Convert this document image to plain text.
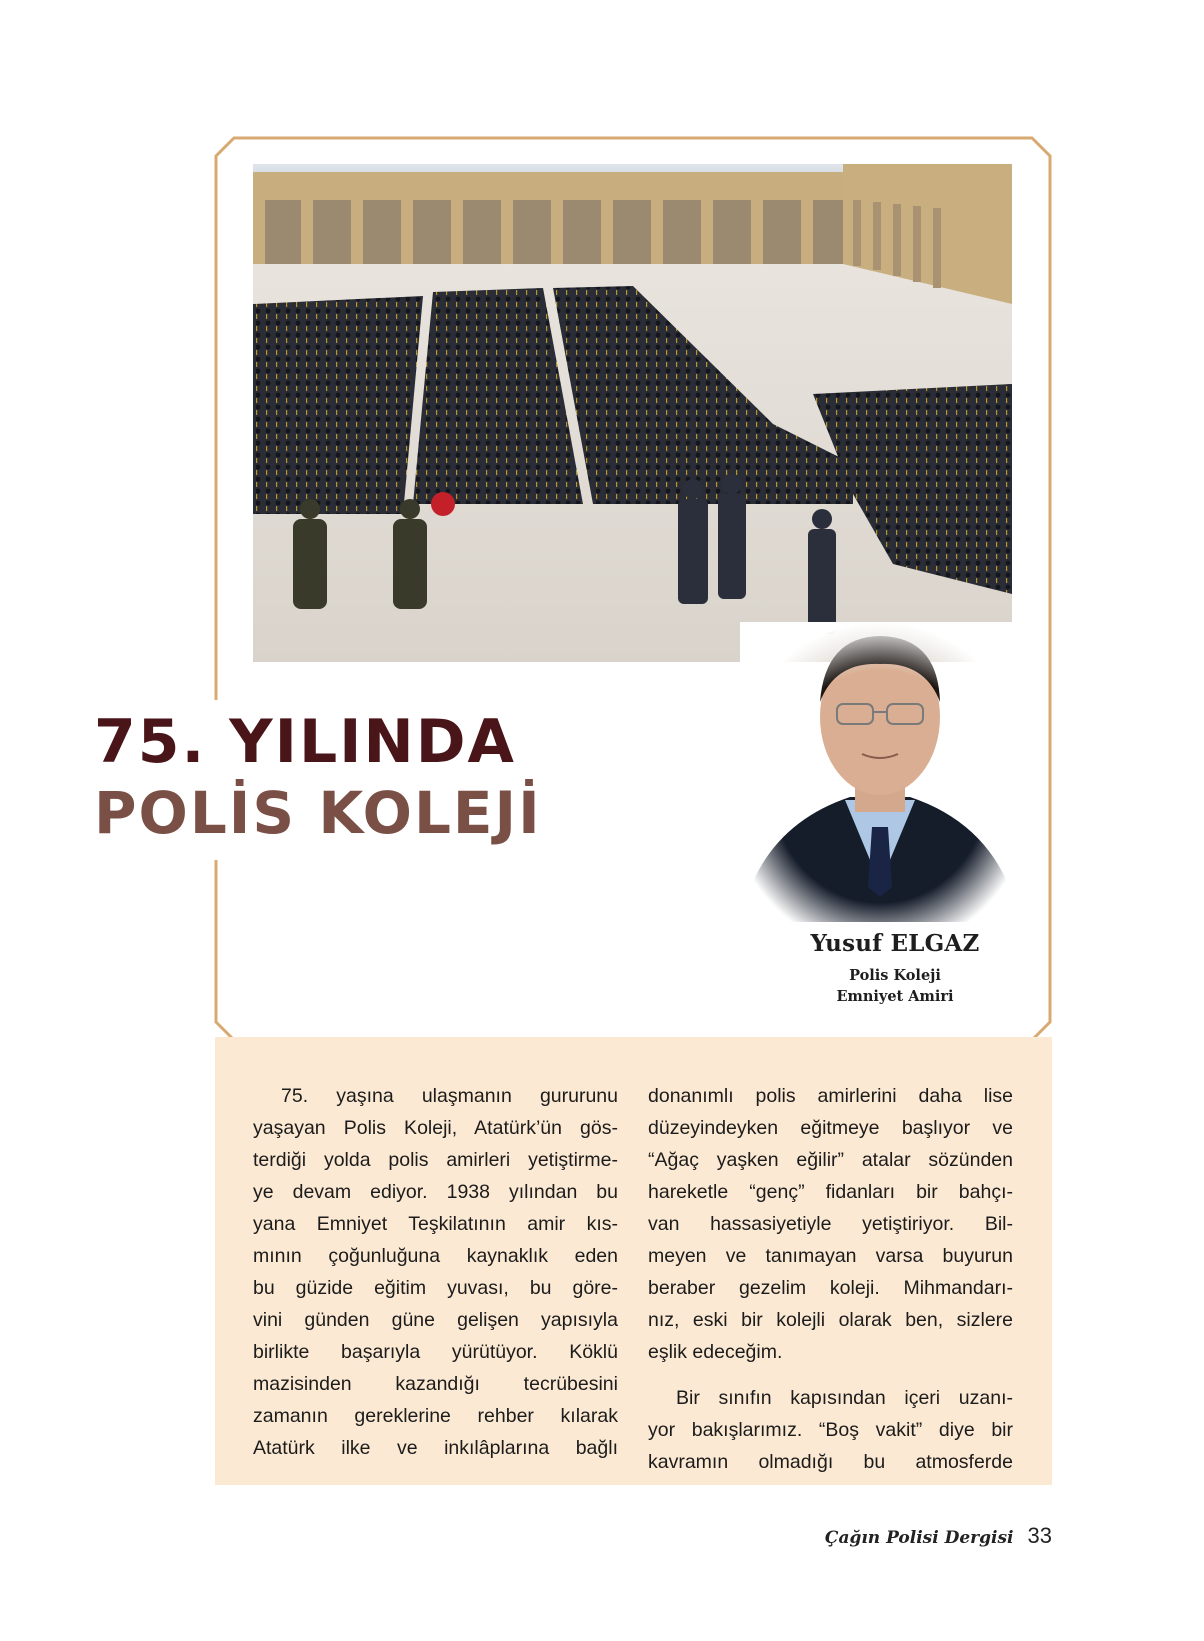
75. YILINDA
POLİS KOLEJİ
Yusuf ELGAZ
Polis Koleji
Emniyet Amiri

75. yaşına ulaşmanın gururunu
yaşayan Polis Koleji, Atatürk’ün gös-
terdiği yolda polis amirleri yetiştirme-
ye devam ediyor. 1938 yılından bu
yana Emniyet Teşkilatının amir kıs-
mının çoğunluğuna kaynaklık eden
bu güzide eğitim yuvası, bu göre-
vini günden güne gelişen yapısıyla
birlikte başarıyla yürütüyor. Köklü
mazisinden kazandığı tecrübesini
zamanın gereklerine rehber kılarak
Atatürk ilke ve inkılâplarına bağlı

donanımlı polis amirlerini daha lise
düzeyindeyken eğitmeye başlıyor ve
“Ağaç yaşken eğilir” atalar sözünden
hareketle “genç” fidanları bir bahçı-
van hassasiyetiyle yetiştiriyor. Bil-
meyen ve tanımayan varsa buyurun
beraber gezelim koleji. Mihmandarı-
nız, eski bir kolejli olarak ben, sizlere
eşlik edeceğim.

Bir sınıfın kapısından içeri uzanı-
yor bakışlarımız. “Boş vakit” diye bir
kavramın olmadığı bu atmosferde

Çağın Polisi Dergisi 33
